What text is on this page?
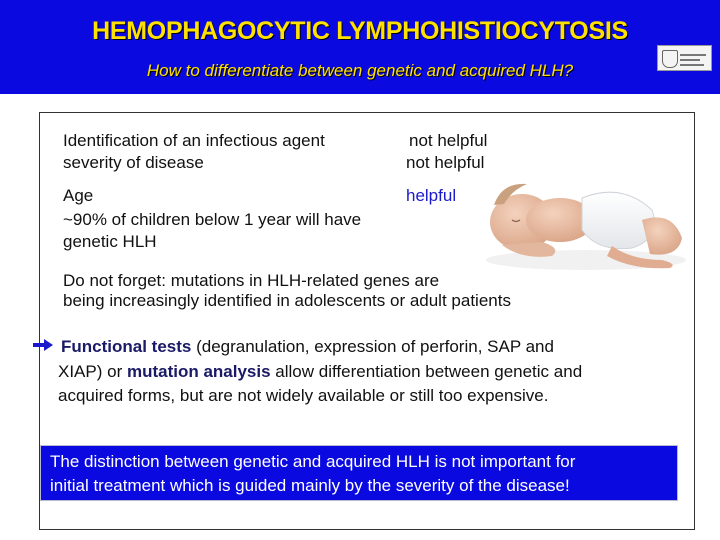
HEMOPHAGOCYTIC LYMPHOHISTIOCYTOSIS
How to differentiate between genetic and acquired HLH?
Identification of an infectious agent	not helpful
severity of disease	not helpful
Age	helpful
~90% of children below 1 year will have
genetic HLH
Do not forget: mutations in HLH-related genes are
being increasingly identified in adolescents or adult patients
Functional tests (degranulation, expression of perforin, SAP and
XIAP) or mutation analysis allow differentiation between genetic and
acquired forms, but are not widely available or still too expensive.
The distinction between genetic and acquired HLH is not important for
initial treatment which is guided mainly by the severity of the disease!
